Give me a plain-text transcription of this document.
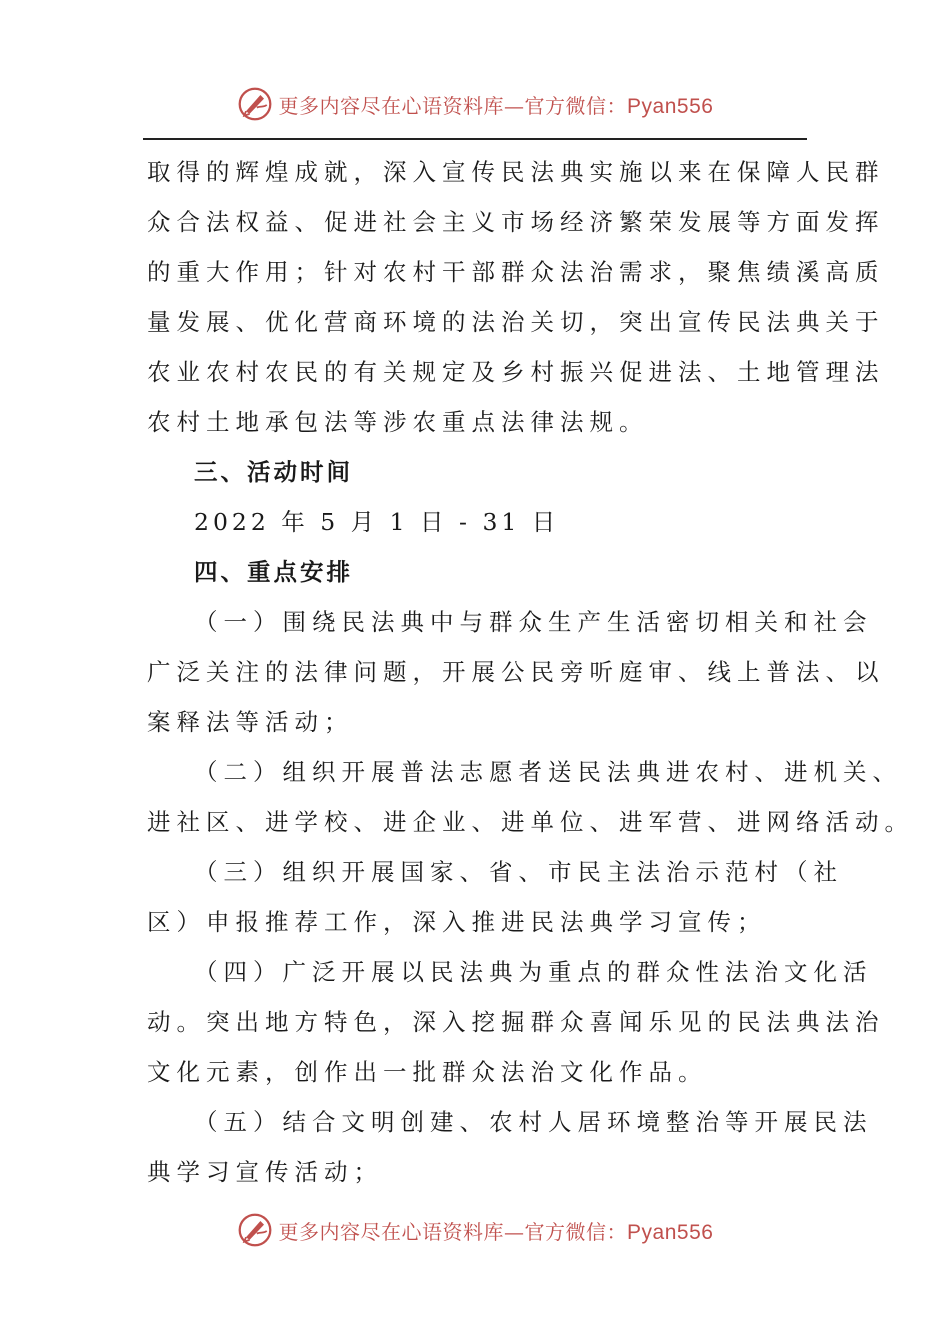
更多内容尽在心语资料库—官方微信：Pyan556
取得的辉煌成就，深入宣传民法典实施以来在保障人民群
众合法权益、促进社会主义市场经济繁荣发展等方面发挥
的重大作用；针对农村干部群众法治需求，聚焦绩溪高质
量发展、优化营商环境的法治关切，突出宣传民法典关于
农业农村农民的有关规定及乡村振兴促进法、土地管理法
农村土地承包法等涉农重点法律法规。
三、活动时间
2022 年 5 月 1 日 - 31 日
四、重点安排
（一）围绕民法典中与群众生产生活密切相关和社会
广泛关注的法律问题，开展公民旁听庭审、线上普法、以
案释法等活动；
（二）组织开展普法志愿者送民法典进农村、进机关、
进社区、进学校、进企业、进单位、进军营、进网络活动。
（三）组织开展国家、省、市民主法治示范村（社
区）申报推荐工作，深入推进民法典学习宣传；
（四）广泛开展以民法典为重点的群众性法治文化活
动。突出地方特色，深入挖掘群众喜闻乐见的民法典法治
文化元素，创作出一批群众法治文化作品。
（五）结合文明创建、农村人居环境整治等开展民法
典学习宣传活动；
更多内容尽在心语资料库—官方微信：Pyan556
